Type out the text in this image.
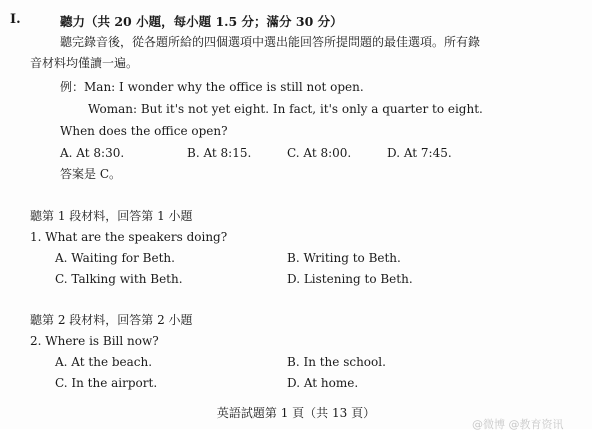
I.	聽力（共 20 小題，每小題 1.5 分；滿分 30 分）
聽完錄音後，從各題所給的四個選項中選出能回答所提問題的最佳選項。所有錄
音材料均僅讀一遍。
例：Man: I wonder why the office is still not open.
Woman: But it's not yet eight. In fact, it's only a quarter to eight.
When does the office open?
A. At 8:30.	B. At 8:15.	C. At 8:00.	D. At 7:45.
答案是 C。
聽第 1 段材料，回答第 1 小題
1. What are the speakers doing?
A. Waiting for Beth.	B. Writing to Beth.
C. Talking with Beth.	D. Listening to Beth.
聽第 2 段材料，回答第 2 小題
2. Where is Bill now?
A. At the beach.	B. In the school.
C. In the airport.	D. At home.
英語試題第 1 頁（共 13 頁）
@微博 @教育资讯
